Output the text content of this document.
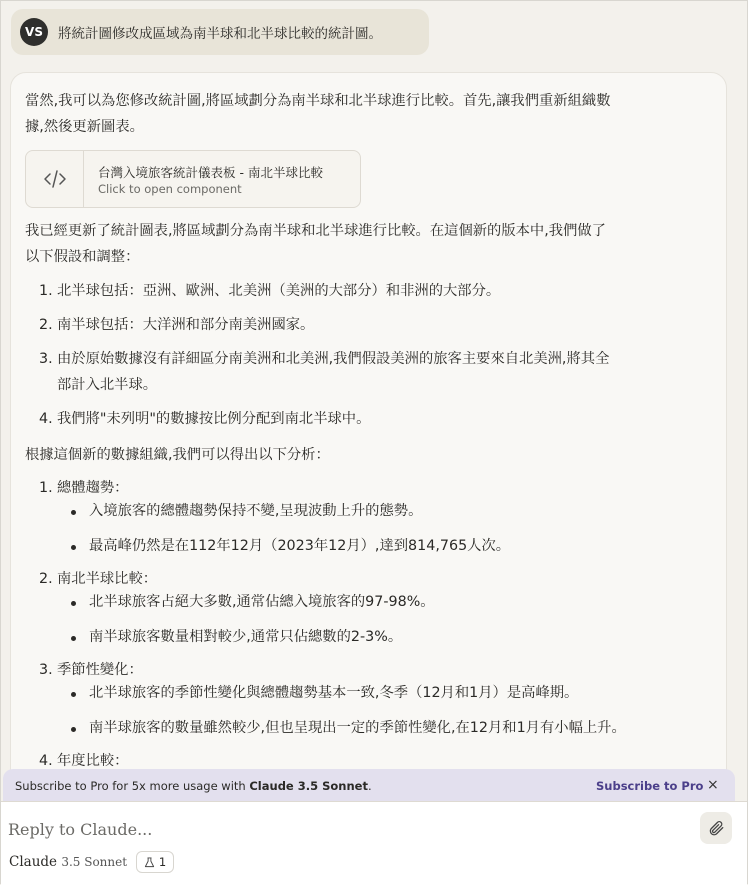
VS	將統計圖修改成區域為南半球和北半球比較的統計圖。
當然,我可以為您修改統計圖,將區域劃分為南半球和北半球進行比較。首先,讓我們重新組織數
據,然後更新圖表。
台灣入境旅客統計儀表板 - 南北半球比較
Click to open component
我已經更新了統計圖表,將區域劃分為南半球和北半球進行比較。在這個新的版本中,我們做了
以下假設和調整：
1. 北半球包括：亞洲、歐洲、北美洲（美洲的大部分）和非洲的大部分。
2. 南半球包括：大洋洲和部分南美洲國家。
3. 由於原始數據沒有詳細區分南美洲和北美洲,我們假設美洲的旅客主要來自北美洲,將其全
部計入北半球。
4. 我們將"未列明"的數據按比例分配到南北半球中。
根據這個新的數據組織,我們可以得出以下分析：
1. 總體趨勢：
入境旅客的總體趨勢保持不變,呈現波動上升的態勢。
最高峰仍然是在112年12月（2023年12月）,達到814,765人次。
2. 南北半球比較：
北半球旅客占絕大多數,通常佔總入境旅客的97-98%。
南半球旅客數量相對較少,通常只佔總數的2-3%。
3. 季節性變化：
北半球旅客的季節性變化與總體趨勢基本一致,冬季（12月和1月）是高峰期。
南半球旅客的數量雖然較少,但也呈現出一定的季節性變化,在12月和1月有小幅上升。
4. 年度比較：
Subscribe to Pro for 5x more usage with Claude 3.5 Sonnet.	Subscribe to Pro ×
Reply to Claude...
Claude 3.5 Sonnet	1
